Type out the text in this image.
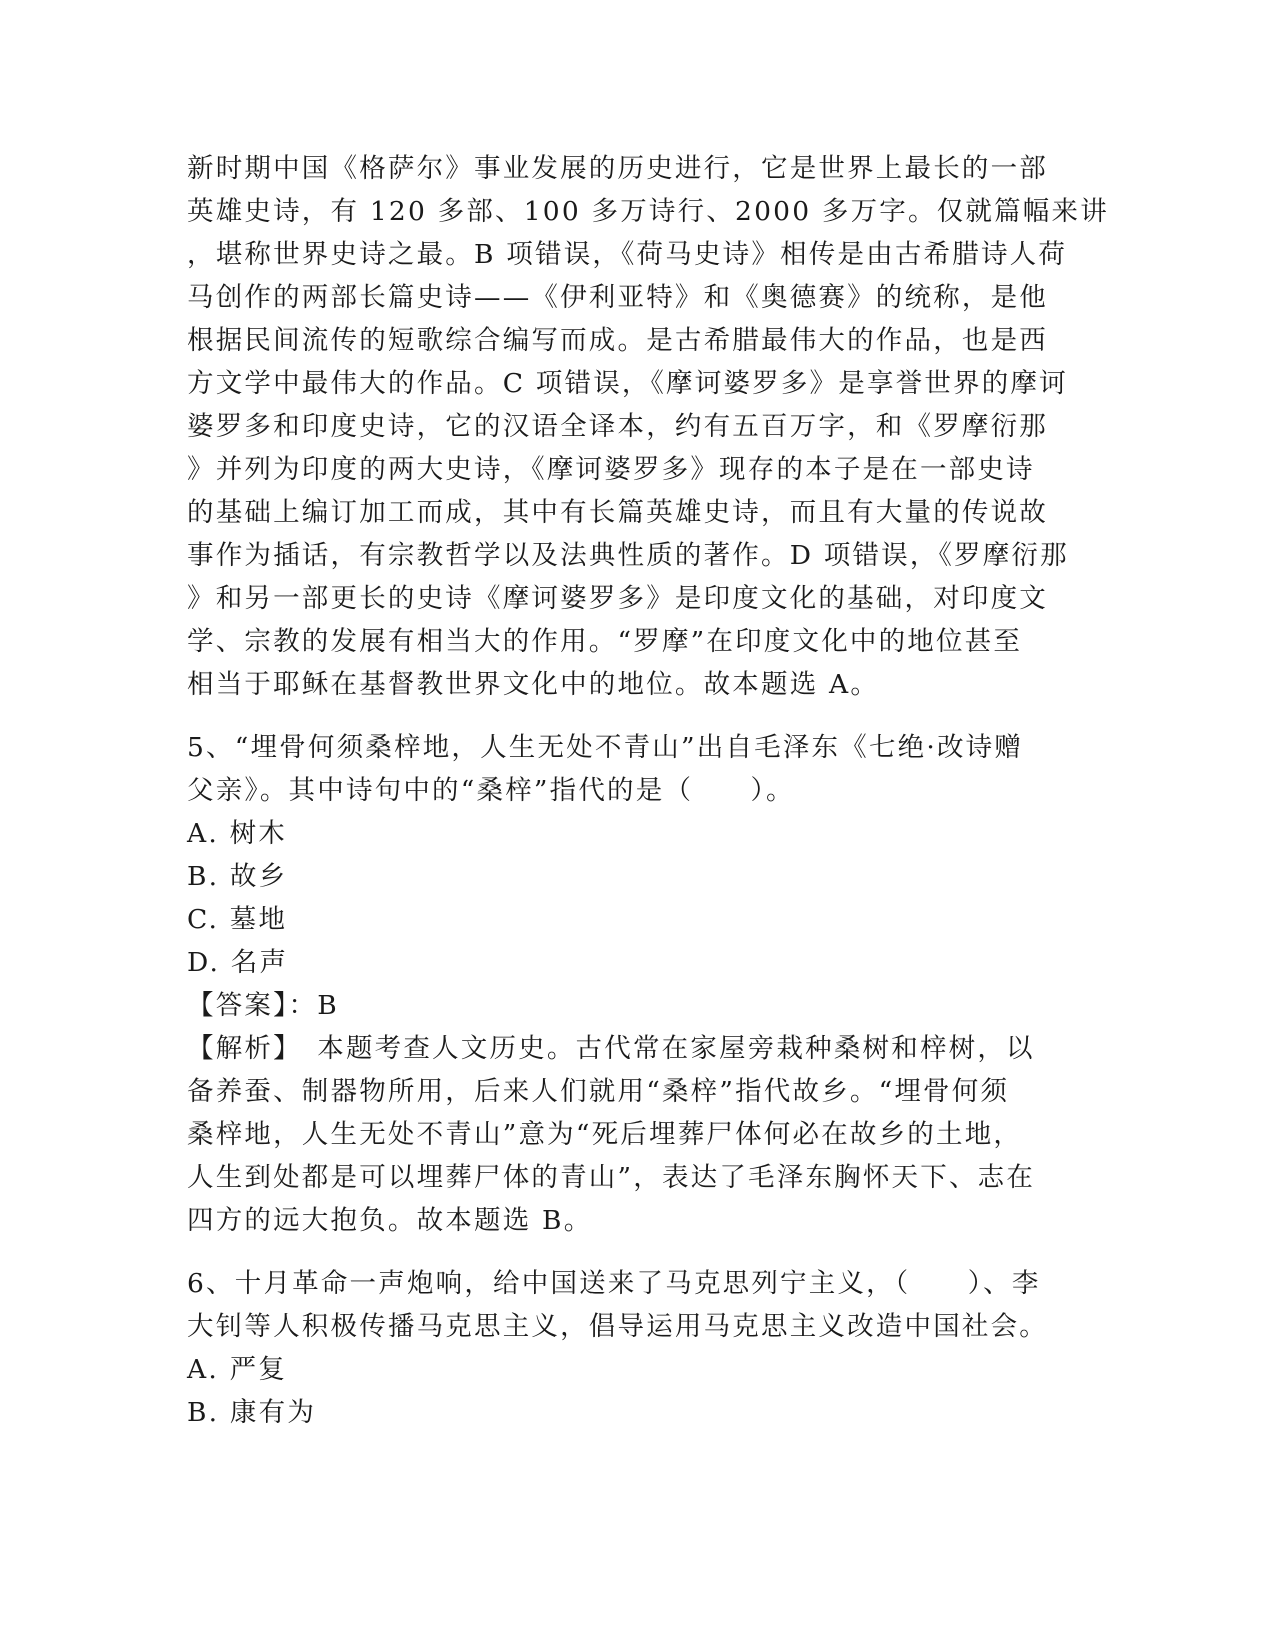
新时期中国《格萨尔》事业发展的历史进行，它是世界上最长的一部
英雄史诗，有 120 多部、100 多万诗行、2000 多万字。仅就篇幅来讲
，堪称世界史诗之最。B 项错误，《荷马史诗》相传是由古希腊诗人荷
马创作的两部长篇史诗——《伊利亚特》和《奥德赛》的统称，是他
根据民间流传的短歌综合编写而成。是古希腊最伟大的作品，也是西
方文学中最伟大的作品。C 项错误，《摩诃婆罗多》是享誉世界的摩诃
婆罗多和印度史诗，它的汉语全译本，约有五百万字，和《罗摩衍那
》并列为印度的两大史诗，《摩诃婆罗多》现存的本子是在一部史诗
的基础上编订加工而成，其中有长篇英雄史诗，而且有大量的传说故
事作为插话，有宗教哲学以及法典性质的著作。D 项错误，《罗摩衍那
》和另一部更长的史诗《摩诃婆罗多》是印度文化的基础，对印度文
学、宗教的发展有相当大的作用。“罗摩”在印度文化中的地位甚至
相当于耶稣在基督教世界文化中的地位。故本题选 A。
5、“埋骨何须桑梓地，人生无处不青山”出自毛泽东《七绝·改诗赠
父亲》。其中诗句中的“桑梓”指代的是（　　）。
A. 树木
B. 故乡
C. 墓地
D. 名声
【答案】：B
【解析】　本题考查人文历史。古代常在家屋旁栽种桑树和梓树，以
备养蚕、制器物所用，后来人们就用“桑梓”指代故乡。“埋骨何须
桑梓地，人生无处不青山”意为“死后埋葬尸体何必在故乡的土地，
人生到处都是可以埋葬尸体的青山”，表达了毛泽东胸怀天下、志在
四方的远大抱负。故本题选 B。
6、十月革命一声炮响，给中国送来了马克思列宁主义，（　　）、李
大钊等人积极传播马克思主义，倡导运用马克思主义改造中国社会。
A. 严复
B. 康有为
